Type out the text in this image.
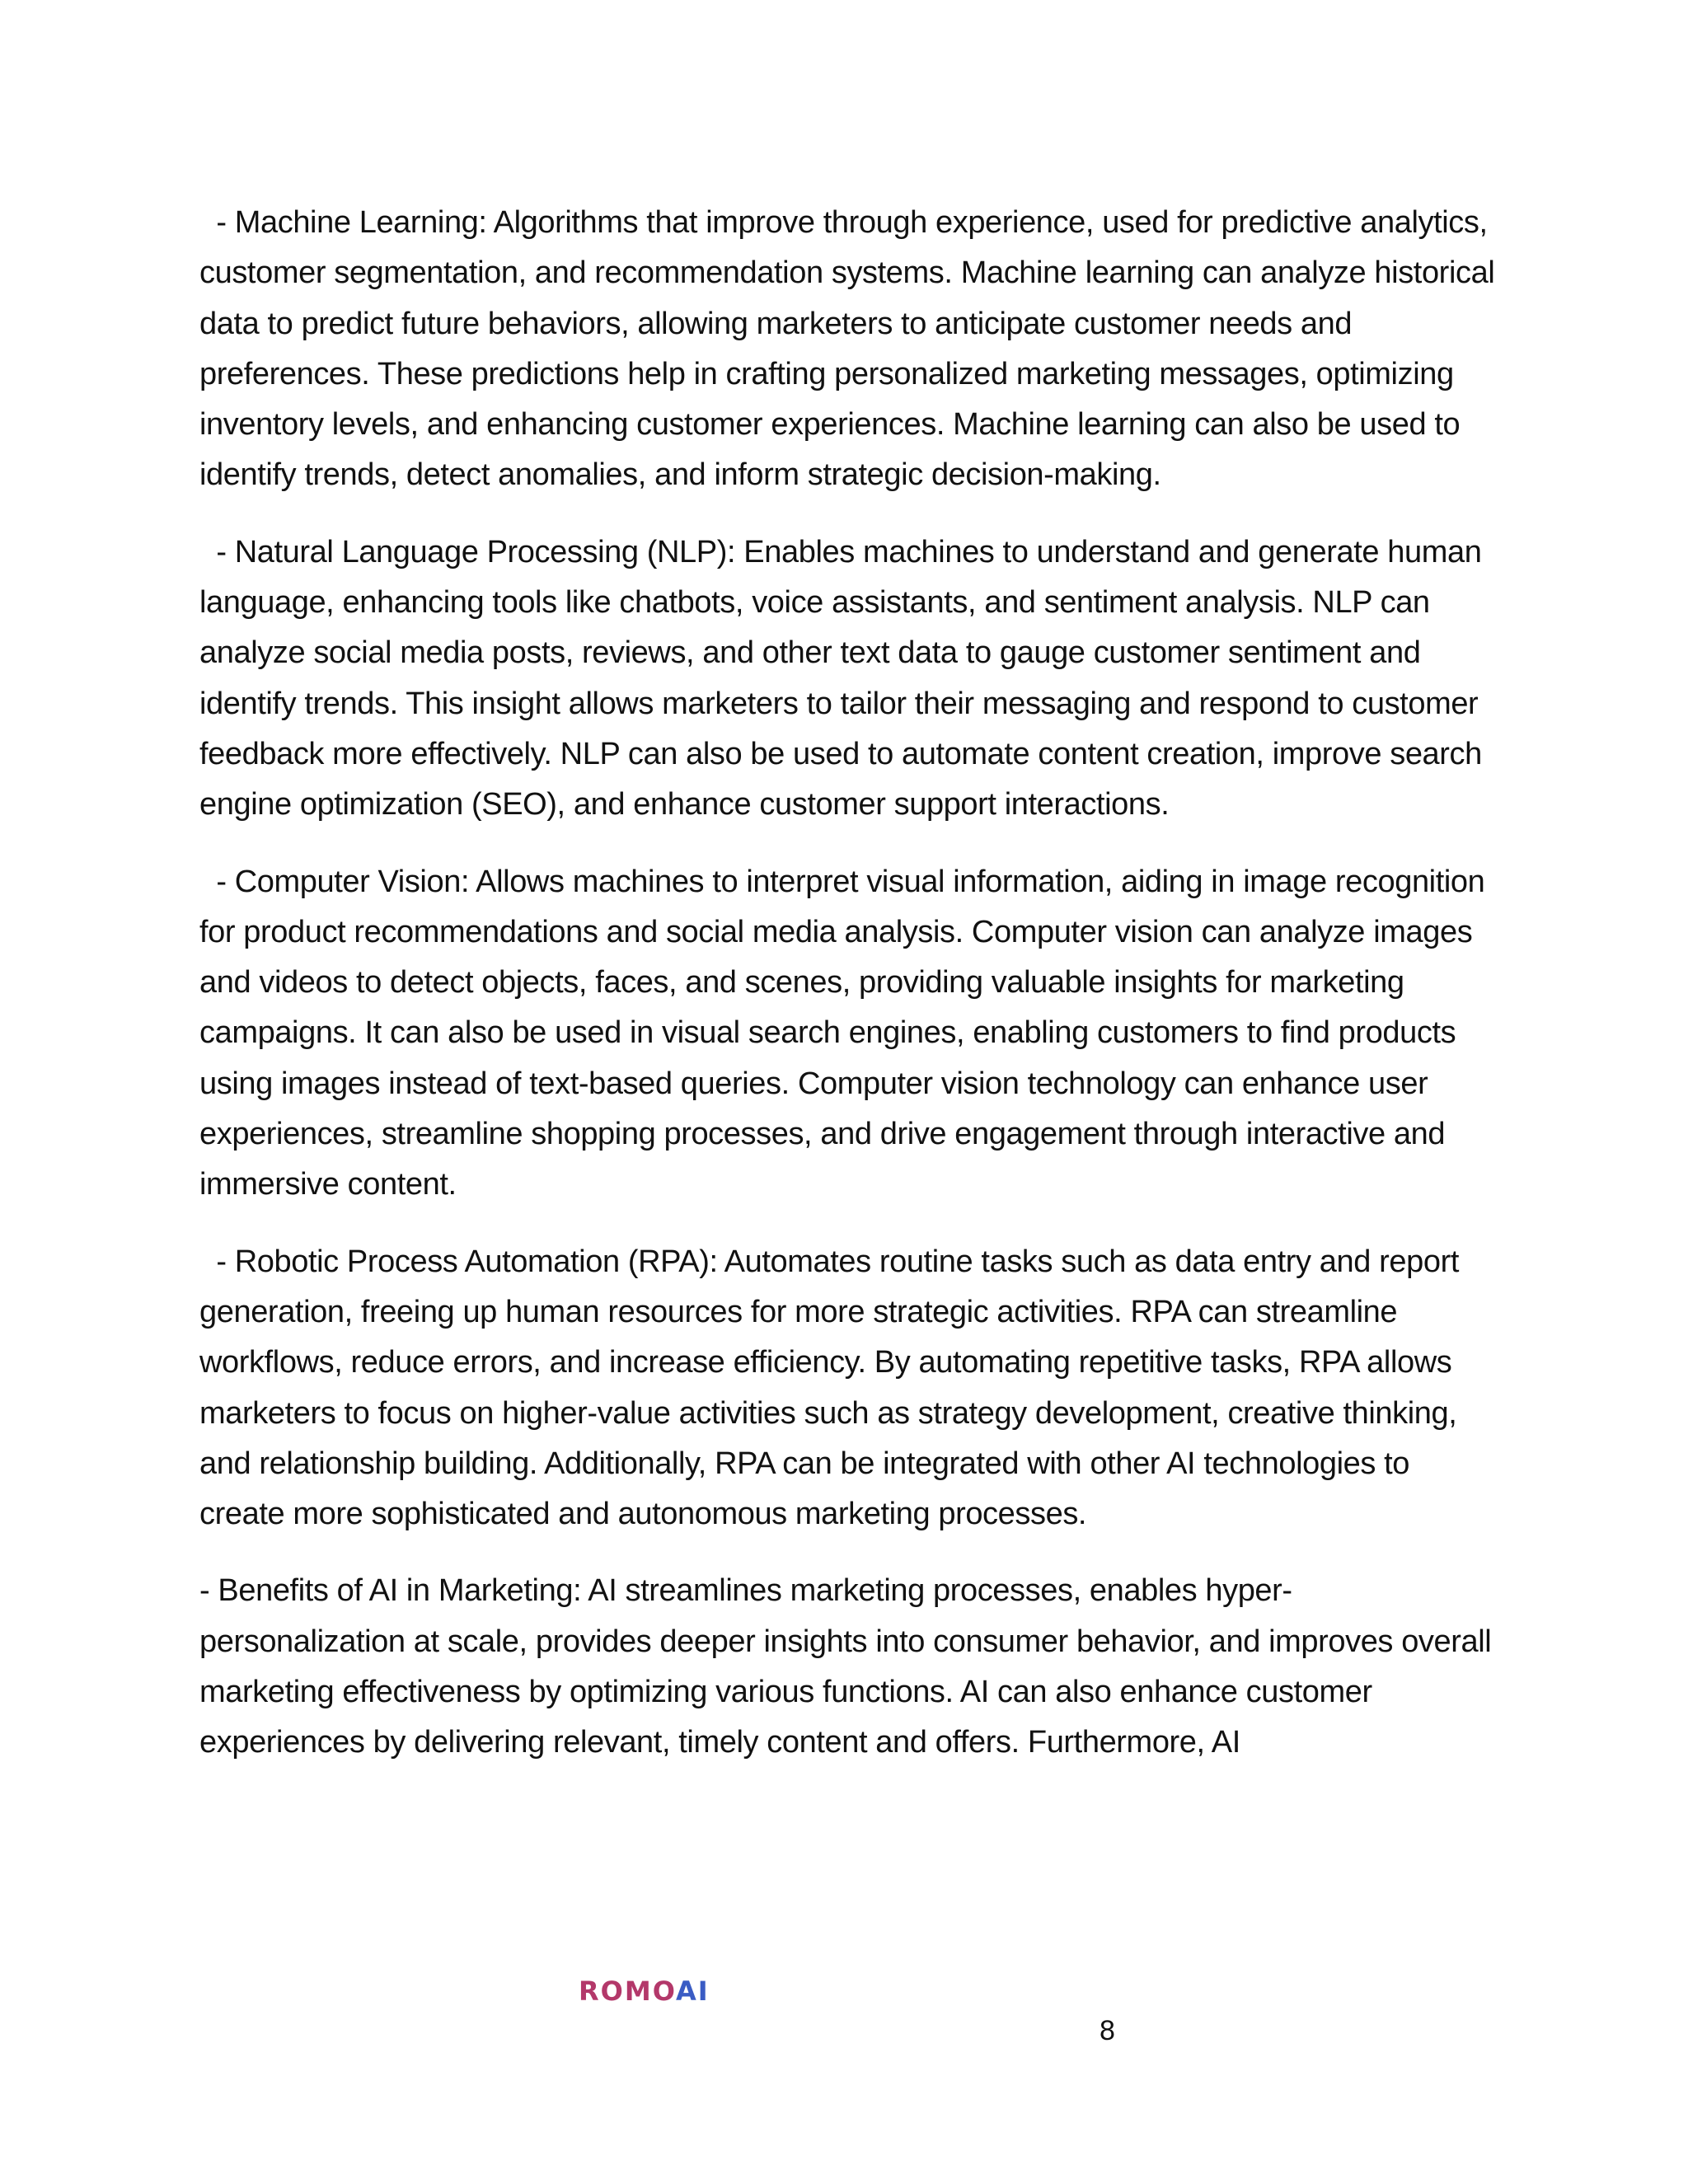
- Machine Learning: Algorithms that improve through experience, used for predictive analytics, customer segmentation, and recommendation systems. Machine learning can analyze historical data to predict future behaviors, allowing marketers to anticipate customer needs and preferences. These predictions help in crafting personalized marketing messages, optimizing inventory levels, and enhancing customer experiences. Machine learning can also be used to identify trends, detect anomalies, and inform strategic decision-making.

- Natural Language Processing (NLP): Enables machines to understand and generate human language, enhancing tools like chatbots, voice assistants, and sentiment analysis. NLP can analyze social media posts, reviews, and other text data to gauge customer sentiment and identify trends. This insight allows marketers to tailor their messaging and respond to customer feedback more effectively. NLP can also be used to automate content creation, improve search engine optimization (SEO), and enhance customer support interactions.

- Computer Vision: Allows machines to interpret visual information, aiding in image recognition for product recommendations and social media analysis. Computer vision can analyze images and videos to detect objects, faces, and scenes, providing valuable insights for marketing campaigns. It can also be used in visual search engines, enabling customers to find products using images instead of text-based queries. Computer vision technology can enhance user experiences, streamline shopping processes, and drive engagement through interactive and immersive content.

- Robotic Process Automation (RPA): Automates routine tasks such as data entry and report generation, freeing up human resources for more strategic activities. RPA can streamline workflows, reduce errors, and increase efficiency. By automating repetitive tasks, RPA allows marketers to focus on higher-value activities such as strategy development, creative thinking, and relationship building. Additionally, RPA can be integrated with other AI technologies to create more sophisticated and autonomous marketing processes.

- Benefits of AI in Marketing: AI streamlines marketing processes, enables hyper-personalization at scale, provides deeper insights into consumer behavior, and improves overall marketing effectiveness by optimizing various functions. AI can also enhance customer experiences by delivering relevant, timely content and offers. Furthermore, AI

ROMOAI
8
